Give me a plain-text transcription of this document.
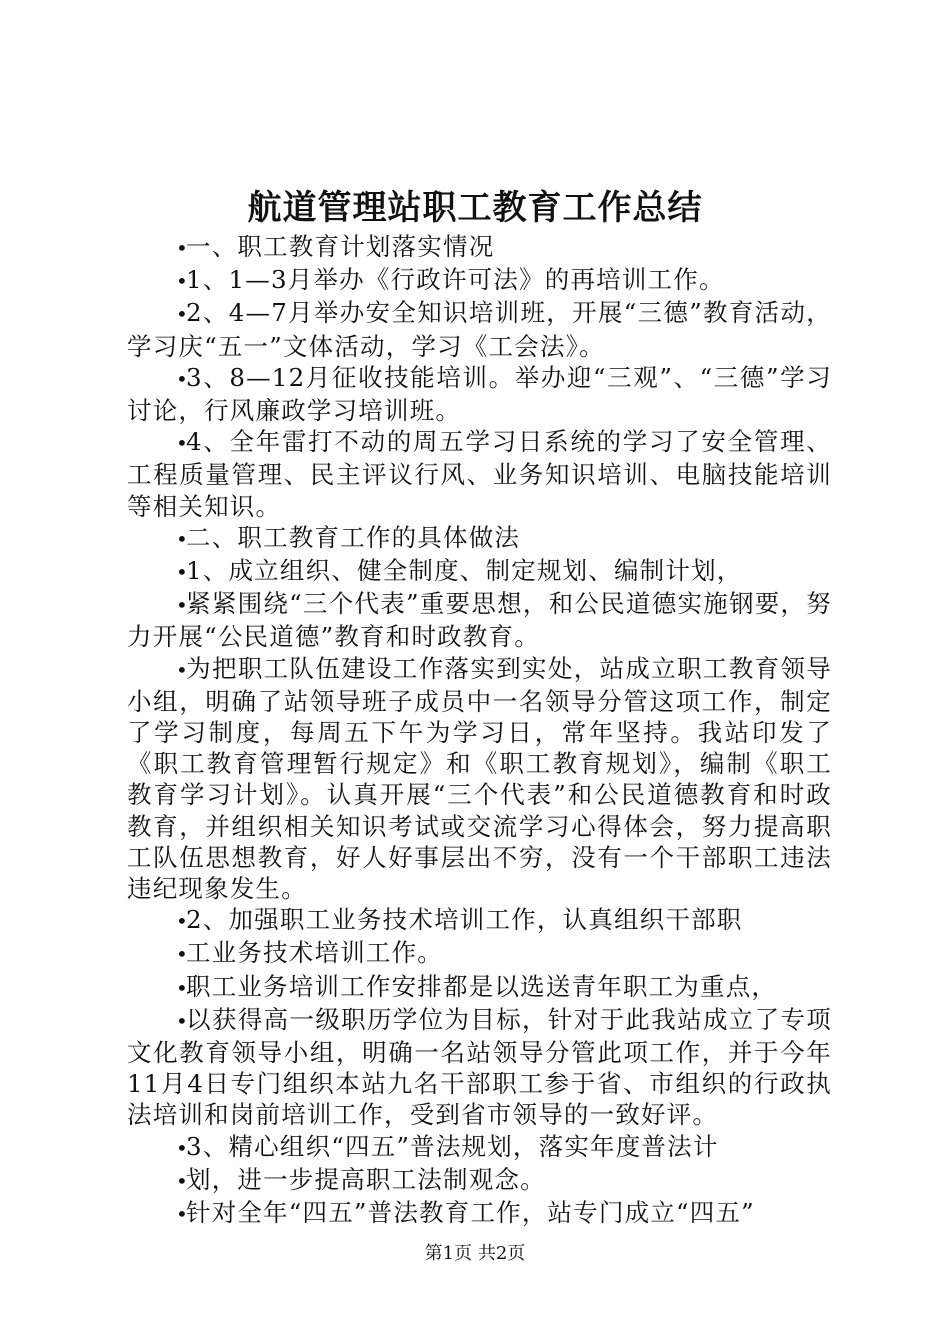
航道管理站职工教育工作总结

•一、职工教育计划落实情况

•1、1—3月举办《行政许可法》的再培训工作。

•2、4—7月举办安全知识培训班，开展“三德”教育活动，学习庆“五一”文体活动，学习《工会法》。

•3、8—12月征收技能培训。举办迎“三观”、“三德”学习讨论，行风廉政学习培训班。

•4、全年雷打不动的周五学习日系统的学习了安全管理、工程质量管理、民主评议行风、业务知识培训、电脑技能培训等相关知识。

•二、职工教育工作的具体做法

•1、成立组织、健全制度、制定规划、编制计划，

•紧紧围绕“三个代表”重要思想，和公民道德实施钢要，努力开展“公民道德”教育和时政教育。

•为把职工队伍建设工作落实到实处，站成立职工教育领导小组，明确了站领导班子成员中一名领导分管这项工作，制定了学习制度，每周五下午为学习日，常年坚持。我站印发了《职工教育管理暂行规定》和《职工教育规划》，编制《职工教育学习计划》。认真开展“三个代表”和公民道德教育和时政教育，并组织相关知识考试或交流学习心得体会，努力提高职工队伍思想教育，好人好事层出不穷，没有一个干部职工违法违纪现象发生。

•2、加强职工业务技术培训工作，认真组织干部职

•工业务技术培训工作。

•职工业务培训工作安排都是以选送青年职工为重点，

•以获得高一级职历学位为目标，针对于此我站成立了专项文化教育领导小组，明确一名站领导分管此项工作，并于今年11月4日专门组织本站九名干部职工参于省、市组织的行政执法培训和岗前培训工作，受到省市领导的一致好评。

•3、精心组织“四五”普法规划，落实年度普法计

•划，进一步提高职工法制观念。

•针对全年“四五”普法教育工作，站专门成立“四五”

第1页 共2页
